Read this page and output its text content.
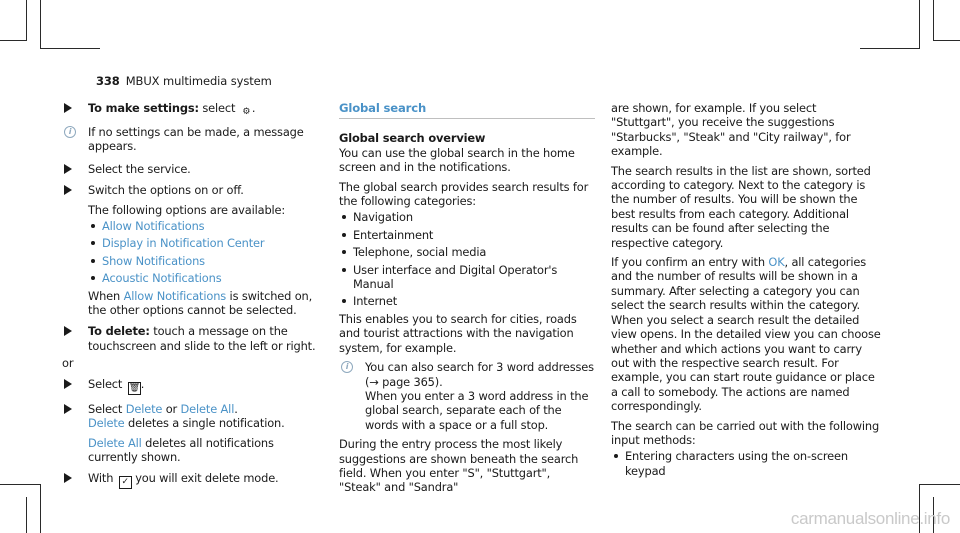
338 MBUX multimedia system
To make settings: select ⚙ .
i	If no settings can be made, a message appears.
Select the service.

Switch the options on or off.

The following options are available:

Allow Notifications
Display in Notification Center
Show Notifications
Acoustic Notifications

When Allow Notifications is switched on, the other options cannot be selected.

To delete: touch a message on the touchscreen and slide to the left or right.

or

Select 🗑.

Select Delete or Delete All.

Delete deletes a single notification.

Delete All deletes all notifications currently shown.

With ✓ you will exit delete mode.
Global search

Global search overview

You can use the global search in the home screen and in the notifications.

The global search provides search results for the following categories:

Navigation
Entertainment
Telephone, social media
User interface and Digital Operator's Manual
Internet

This enables you to search for cities, roads and tourist attractions with the navigation system, for example.

i	You can also search for 3 word addresses (→ page 365).

When you enter a 3 word address in the global search, separate each of the words with a space or a full stop.

During the entry process the most likely suggestions are shown beneath the search field. When you enter "S", "Stuttgart", "Steak" and "Sandra"

are shown, for example. If you select "Stuttgart", you receive the suggestions "Starbucks", "Steak" and "City railway", for example.

The search results in the list are shown, sorted according to category. Next to the category is the number of results. You will be shown the best results from each category. Additional results can be found after selecting the respective category.

If you confirm an entry with OK, all categories and the number of results will be shown in a summary. After selecting a category you can select the search results within the category. When you select a search result the detailed view opens. In the detailed view you can choose whether and which actions you want to carry out with the respective search result. For example, you can start route guidance or place a call to somebody. The actions are named correspondingly.

The search can be carried out with the following input methods:

Entering characters using the on-screen keypad
carmanualsonline.info
